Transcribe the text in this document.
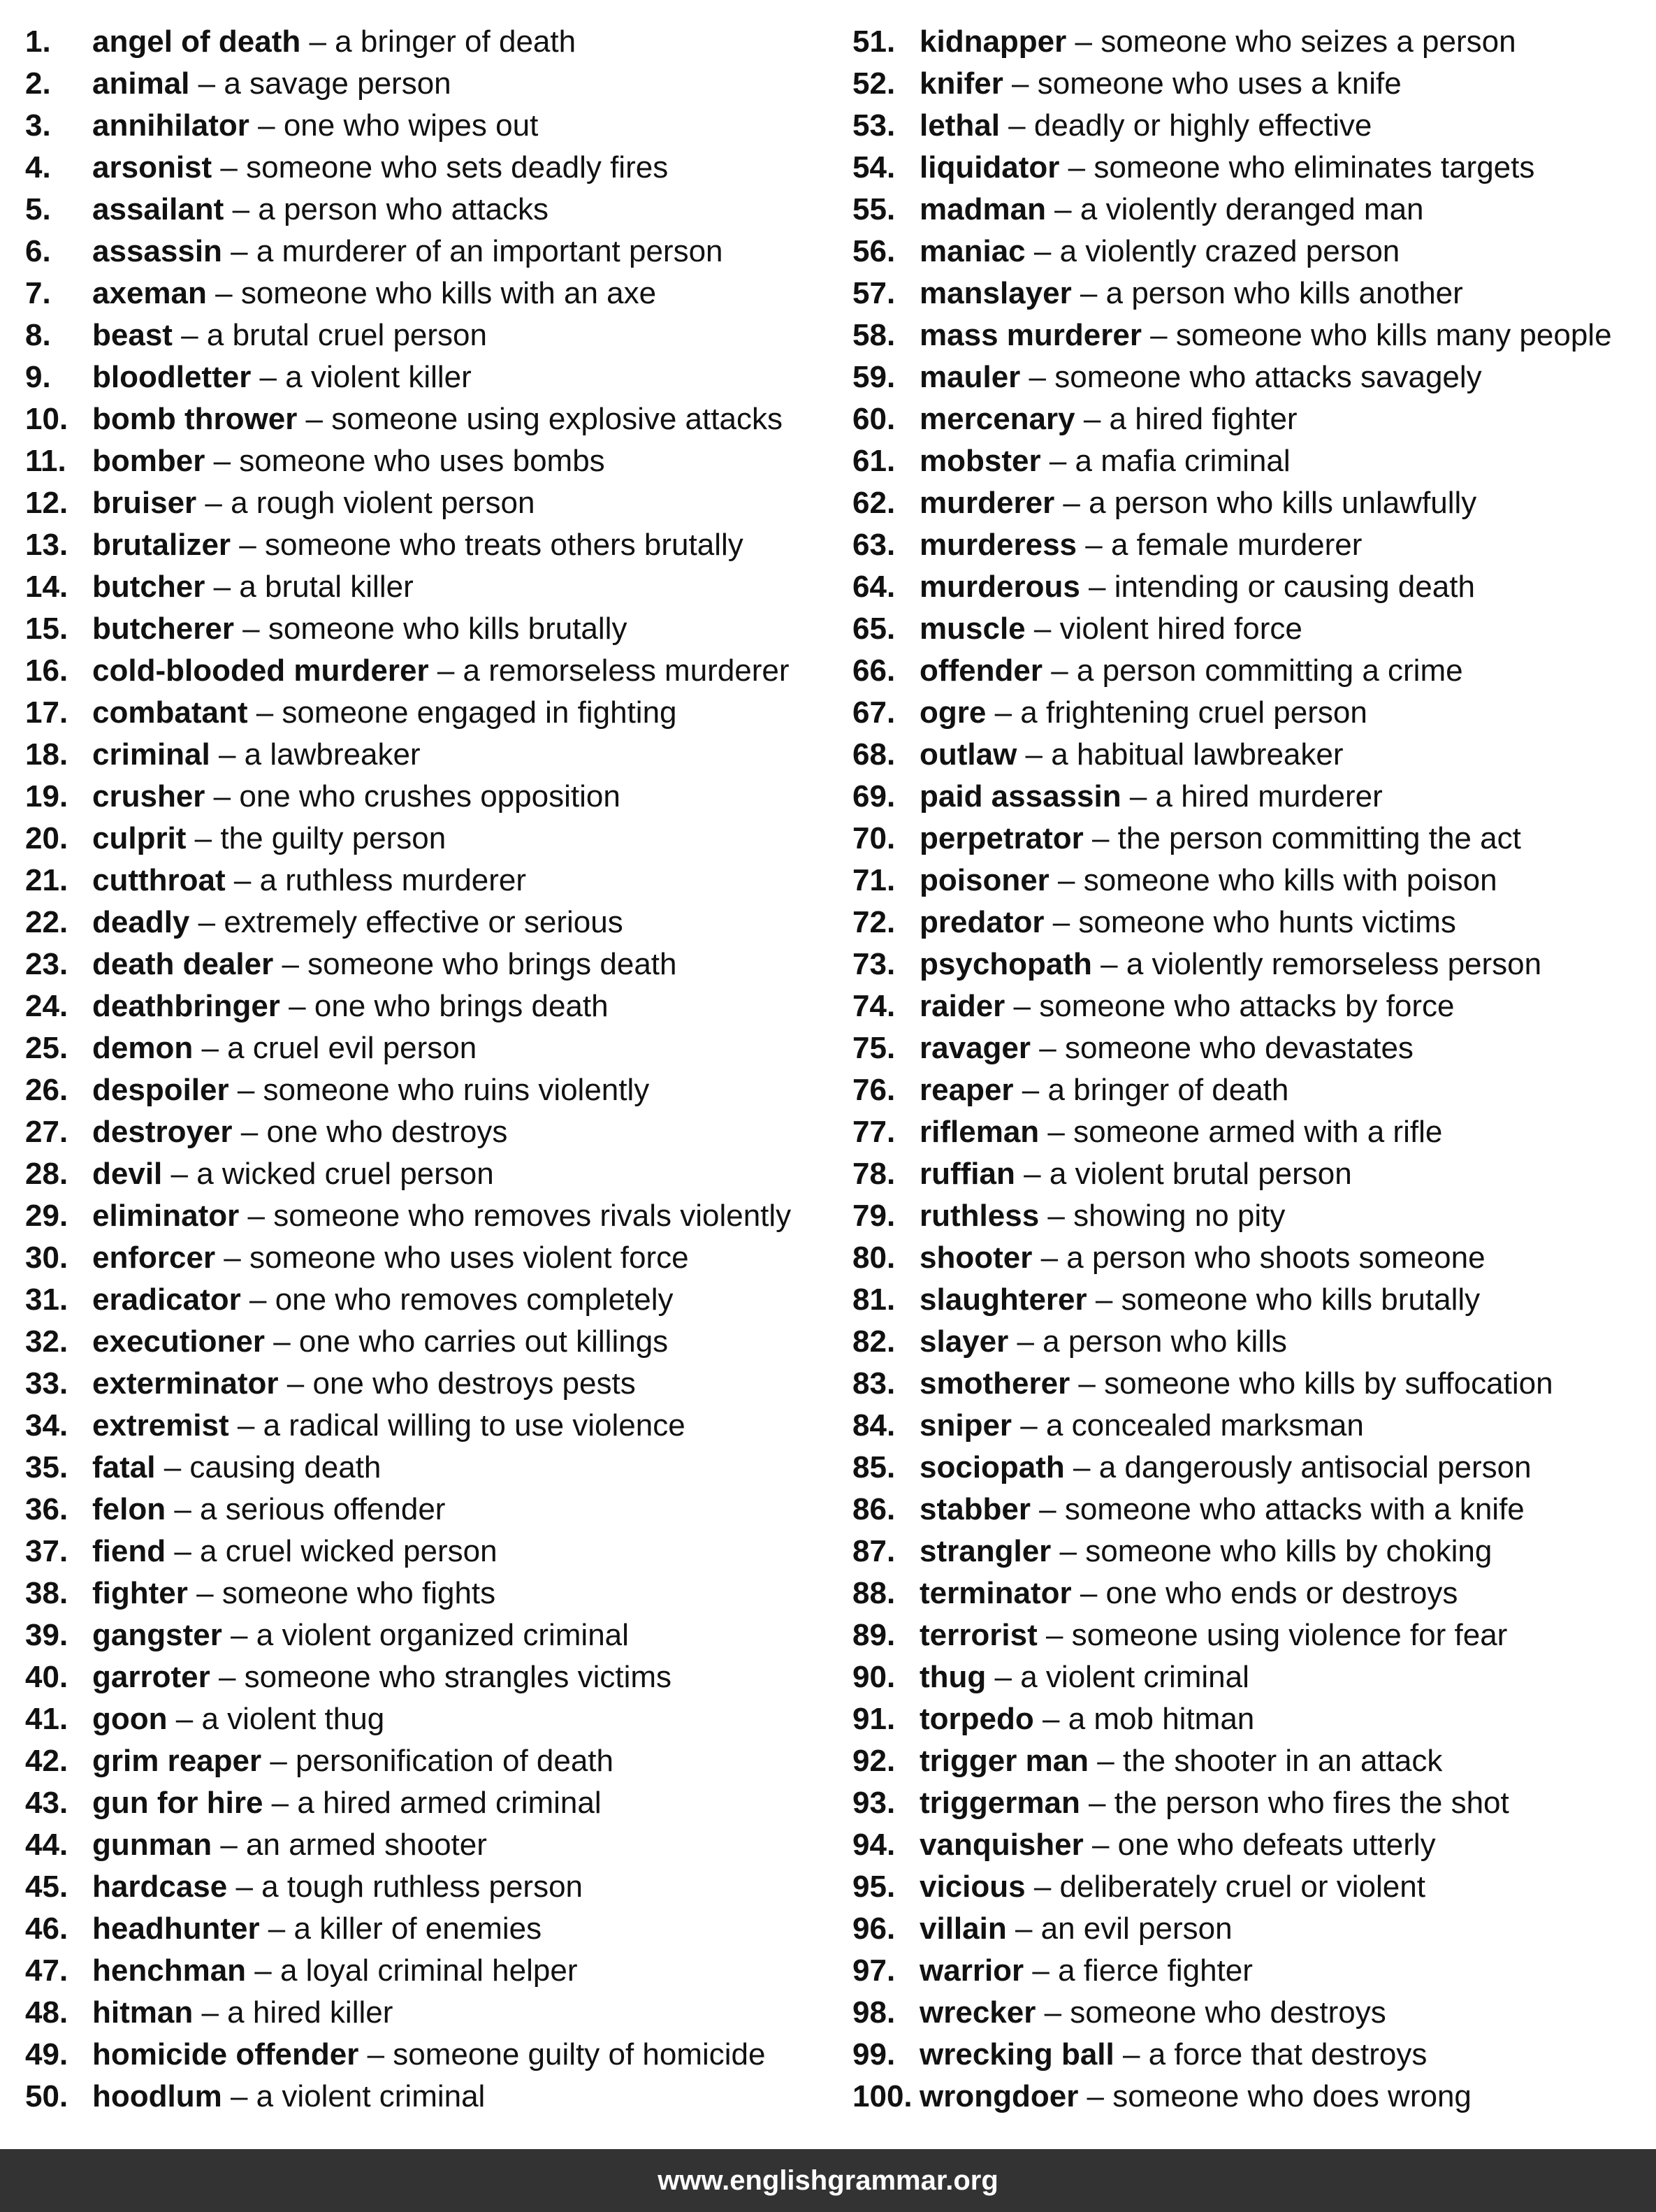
1.	angel of death – a bringer of death
2.	animal – a savage person
3.	annihilator – one who wipes out
4.	arsonist – someone who sets deadly fires
5.	assailant – a person who attacks
6.	assassin – a murderer of an important person
7.	axeman – someone who kills with an axe
8.	beast – a brutal cruel person
9.	bloodletter – a violent killer
10. bomb thrower – someone using explosive attacks
11. bomber – someone who uses bombs
12. bruiser – a rough violent person
13. brutalizer – someone who treats others brutally
14. butcher – a brutal killer
15. butcherer – someone who kills brutally
16. cold-blooded murderer – a remorseless murderer
17. combatant – someone engaged in fighting
18. criminal – a lawbreaker
19. crusher – one who crushes opposition
20. culprit – the guilty person
21. cutthroat – a ruthless murderer
22. deadly – extremely effective or serious
23. death dealer – someone who brings death
24. deathbringer – one who brings death
25. demon – a cruel evil person
26. despoiler – someone who ruins violently
27. destroyer – one who destroys
28. devil – a wicked cruel person
29. eliminator – someone who removes rivals violently
30. enforcer – someone who uses violent force
31. eradicator – one who removes completely
32. executioner – one who carries out killings
33. exterminator – one who destroys pests
34. extremist – a radical willing to use violence
35. fatal – causing death
36. felon – a serious offender
37. fiend – a cruel wicked person
38. fighter – someone who fights
39. gangster – a violent organized criminal
40. garroter – someone who strangles victims
41. goon – a violent thug
42. grim reaper – personification of death
43. gun for hire – a hired armed criminal
44. gunman – an armed shooter
45. hardcase – a tough ruthless person
46. headhunter – a killer of enemies
47. henchman – a loyal criminal helper
48. hitman – a hired killer
49. homicide offender – someone guilty of homicide
50. hoodlum – a violent criminal
51. kidnapper – someone who seizes a person
52. knifer – someone who uses a knife
53. lethal – deadly or highly effective
54. liquidator – someone who eliminates targets
55. madman – a violently deranged man
56. maniac – a violently crazed person
57. manslayer – a person who kills another
58. mass murderer – someone who kills many people
59. mauler – someone who attacks savagely
60. mercenary – a hired fighter
61. mobster – a mafia criminal
62. murderer – a person who kills unlawfully
63. murderess – a female murderer
64. murderous – intending or causing death
65. muscle – violent hired force
66. offender – a person committing a crime
67. ogre – a frightening cruel person
68. outlaw – a habitual lawbreaker
69. paid assassin – a hired murderer
70. perpetrator – the person committing the act
71. poisoner – someone who kills with poison
72. predator – someone who hunts victims
73. psychopath – a violently remorseless person
74. raider – someone who attacks by force
75. ravager – someone who devastates
76. reaper – a bringer of death
77. rifleman – someone armed with a rifle
78. ruffian – a violent brutal person
79. ruthless – showing no pity
80. shooter – a person who shoots someone
81. slaughterer – someone who kills brutally
82. slayer – a person who kills
83. smotherer – someone who kills by suffocation
84. sniper – a concealed marksman
85. sociopath – a dangerously antisocial person
86. stabber – someone who attacks with a knife
87. strangler – someone who kills by choking
88. terminator – one who ends or destroys
89. terrorist – someone using violence for fear
90. thug – a violent criminal
91. torpedo – a mob hitman
92. trigger man – the shooter in an attack
93. triggerman – the person who fires the shot
94. vanquisher – one who defeats utterly
95. vicious – deliberately cruel or violent
96. villain – an evil person
97. warrior – a fierce fighter
98. wrecker – someone who destroys
99. wrecking ball – a force that destroys
100. wrongdoer – someone who does wrong
www.englishgrammar.org
